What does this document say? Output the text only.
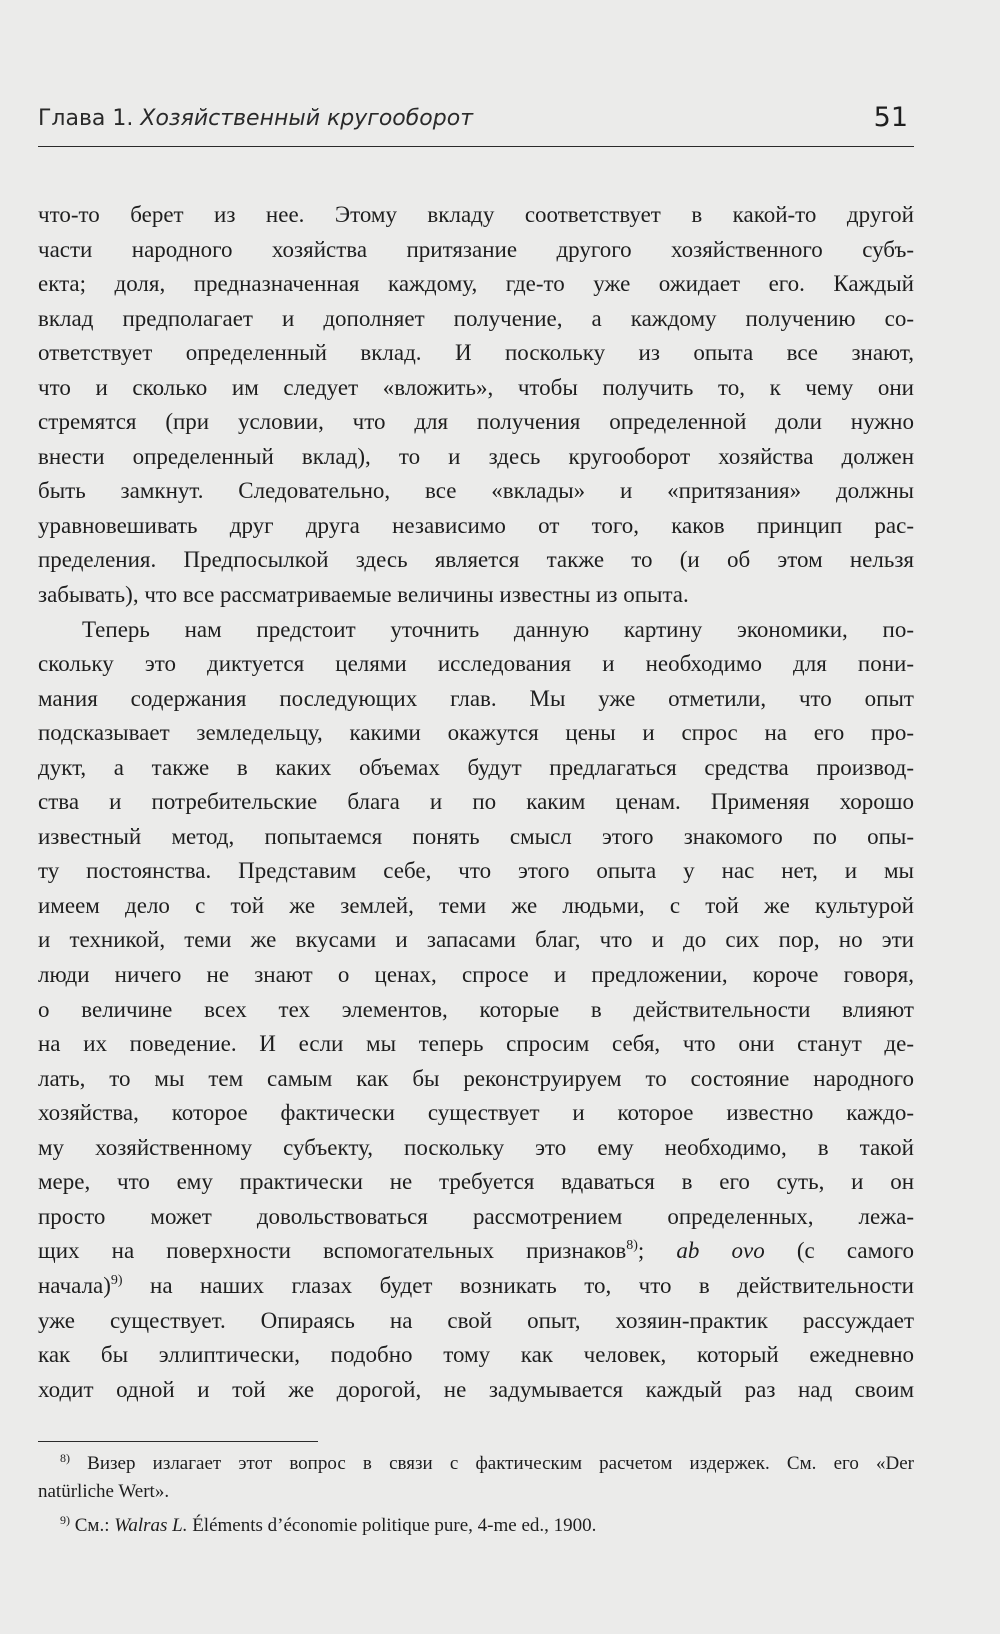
Глава 1. Хозяйственный кругооборот	51
что-то берет из нее. Этому вкладу соответствует в какой-то другой
части народного хозяйства притязание другого хозяйственного субъ-
екта; доля, предназначенная каждому, где-то уже ожидает его. Каждый
вклад предполагает и дополняет получение, а каждому получению со-
ответствует определенный вклад. И поскольку из опыта все знают,
что и сколько им следует «вложить», чтобы получить то, к чему они
стремятся (при условии, что для получения определенной доли нужно
внести определенный вклад), то и здесь кругооборот хозяйства должен
быть замкнут. Следовательно, все «вклады» и «притязания» должны
уравновешивать друг друга независимо от того, каков принцип рас-
пределения. Предпосылкой здесь является также то (и об этом нельзя
забывать), что все рассматриваемые величины известны из опыта.
Теперь нам предстоит уточнить данную картину экономики, по-
скольку это диктуется целями исследования и необходимо для пони-
мания содержания последующих глав. Мы уже отметили, что опыт
подсказывает земледельцу, какими окажутся цены и спрос на его про-
дукт, а также в каких объемах будут предлагаться средства производ-
ства и потребительские блага и по каким ценам. Применяя хорошо
известный метод, попытаемся понять смысл этого знакомого по опы-
ту постоянства. Представим себе, что этого опыта у нас нет, и мы
имеем дело с той же землей, теми же людьми, с той же культурой
и техникой, теми же вкусами и запасами благ, что и до сих пор, но эти
люди ничего не знают о ценах, спросе и предложении, короче говоря,
о величине всех тех элементов, которые в действительности влияют
на их поведение. И если мы теперь спросим себя, что они станут де-
лать, то мы тем самым как бы реконструируем то состояние народного
хозяйства, которое фактически существует и которое известно каждо-
му хозяйственному субъекту, поскольку это ему необходимо, в такой
мере, что ему практически не требуется вдаваться в его суть, и он
просто может довольствоваться рассмотрением определенных, лежа-
щих на поверхности вспомогательных признаков$^{8)}$; ab ovo (с самого
начала)$^{9)}$ на наших глазах будет возникать то, что в действительности
уже существует. Опираясь на свой опыт, хозяин-практик рассуждает
как бы эллиптически, подобно тому как человек, который ежедневно
ходит одной и той же дорогой, не задумывается каждый раз над своим
$^{8)}$ Визер излагает этот вопрос в связи с фактическим расчетом издержек. См. его «Der
natürliche Wert».
$^{9)}$ См.: Walras L. Éléments d’économie politique pure, 4-me ed., 1900.
